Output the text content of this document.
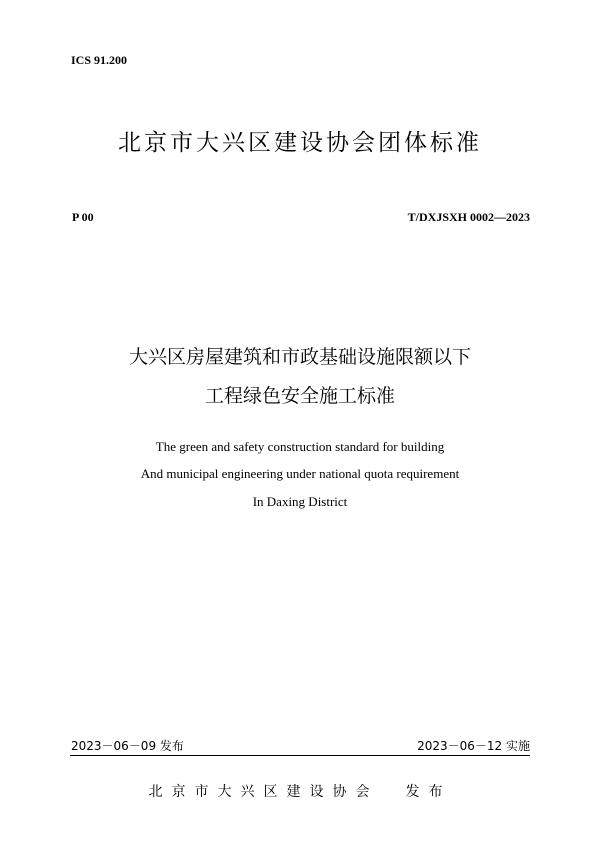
ICS 91.200
北京市大兴区建设协会团体标准
P 00	T/DXJSXH 0002—2023
大兴区房屋建筑和市政基础设施限额以下
工程绿色安全施工标准
The green and safety construction standard for building
And municipal engineering under national quota requirement
In Daxing District
2023－06－09 发布	2023－06－12 实施
北京市大兴区建设协会  发布
